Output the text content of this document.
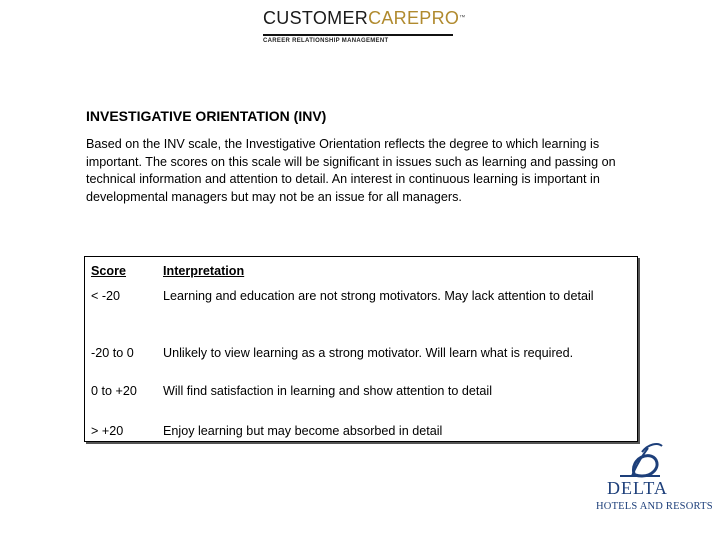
CUSTOMERCAREPRO™
CAREER RELATIONSHIP MANAGEMENT
INVESTIGATIVE ORIENTATION (INV)
Based on the INV scale, the Investigative Orientation reflects the degree to which learning is important. The scores on this scale will be significant in issues such as learning and passing on technical information and attention to detail. An interest in continuous learning is important in developmental managers but may not be an issue for all managers.
Score	Interpretation
< -20	Learning and education are not strong motivators. May lack attention to detail
-20 to 0 Unlikely to view learning as a strong motivator. Will learn what is required.
0 to +20 Will find satisfaction in learning and show attention to detail
> +20	Enjoy learning but may become absorbed in detail
DELTA
HOTELS AND RESORTS
